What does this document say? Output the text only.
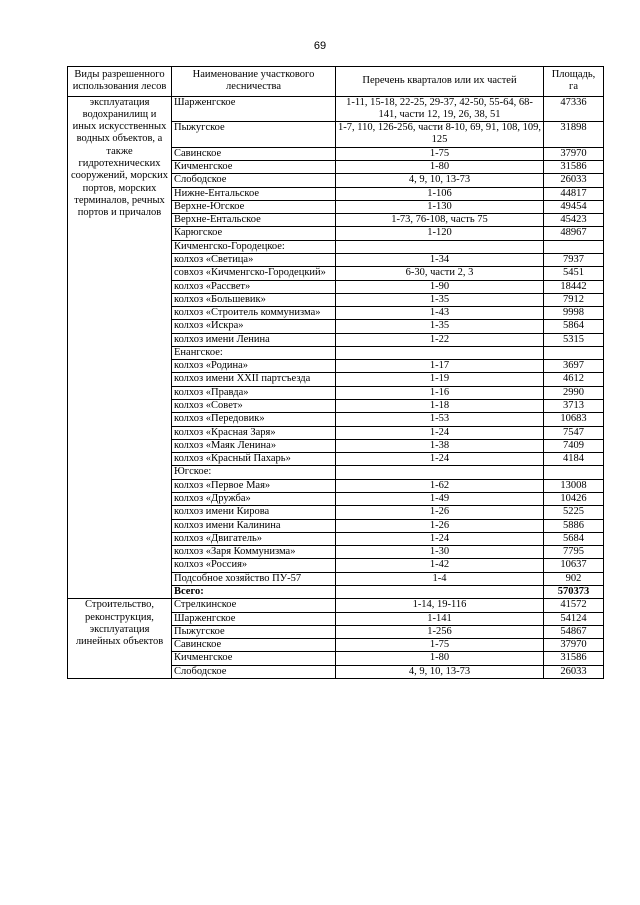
69
Виды разрешенного использования лесов	Наименование участкового лесничества	Перечень кварталов или их частей	Площадь, га
эксплуатация водохранилищ и иных искусственных водных объектов, а также гидротехнических сооружений, морских портов, морских терминалов, речных портов и причалов	Шарженгское	1-11, 15-18, 22-25, 29-37, 42-50, 55-64, 68-141, части 12, 19, 26, 38, 51	47336
	Пыжугское	1-7, 110, 126-256, части 8-10, 69, 91, 108, 109, 125	31898
	Савинское	1-75	37970
	Кичменгское	1-80	31586
	Слободское	4, 9, 10, 13-73	26033
	Нижне-Ентальское	1-106	44817
	Верхне-Югское	1-130	49454
	Верхне-Ентальское	1-73, 76-108, часть 75	45423
	Карюгское	1-120	48967
	Кичменгско-Городецкое:		
	колхоз «Светица»	1-34	7937
	совхоз «Кичменгско-Городецкий»	6-30, части 2, 3	5451
	колхоз «Рассвет»	1-90	18442
	колхоз «Большевик»	1-35	7912
	колхоз «Строитель коммунизма»	1-43	9998
	колхоз «Искра»	1-35	5864
	колхоз имени Ленина	1-22	5315
	Енангское:		
	колхоз «Родина»	1-17	3697
	колхоз имени XXII партсъезда	1-19	4612
	колхоз «Правда»	1-16	2990
	колхоз «Совет»	1-18	3713
	колхоз «Передовик»	1-53	10683
	колхоз «Красная Заря»	1-24	7547
	колхоз «Маяк Ленина»	1-38	7409
	колхоз «Красный Пахарь»	1-24	4184
	Югское:		
	колхоз «Первое Мая»	1-62	13008
	колхоз «Дружба»	1-49	10426
	колхоз имени Кирова	1-26	5225
	колхоз имени Калинина	1-26	5886
	колхоз «Двигатель»	1-24	5684
	колхоз «Заря Коммунизма»	1-30	7795
	колхоз «Россия»	1-42	10637
	Подсобное хозяйство ПУ-57	1-4	902
	Всего:		570373
Строительство, реконструкция, эксплуатация линейных объектов	Стрелкинское	1-14, 19-116	41572
	Шарженгское	1-141	54124
	Пыжугское	1-256	54867
	Савинское	1-75	37970
	Кичменгское	1-80	31586
	Слободское	4, 9, 10, 13-73	26033
